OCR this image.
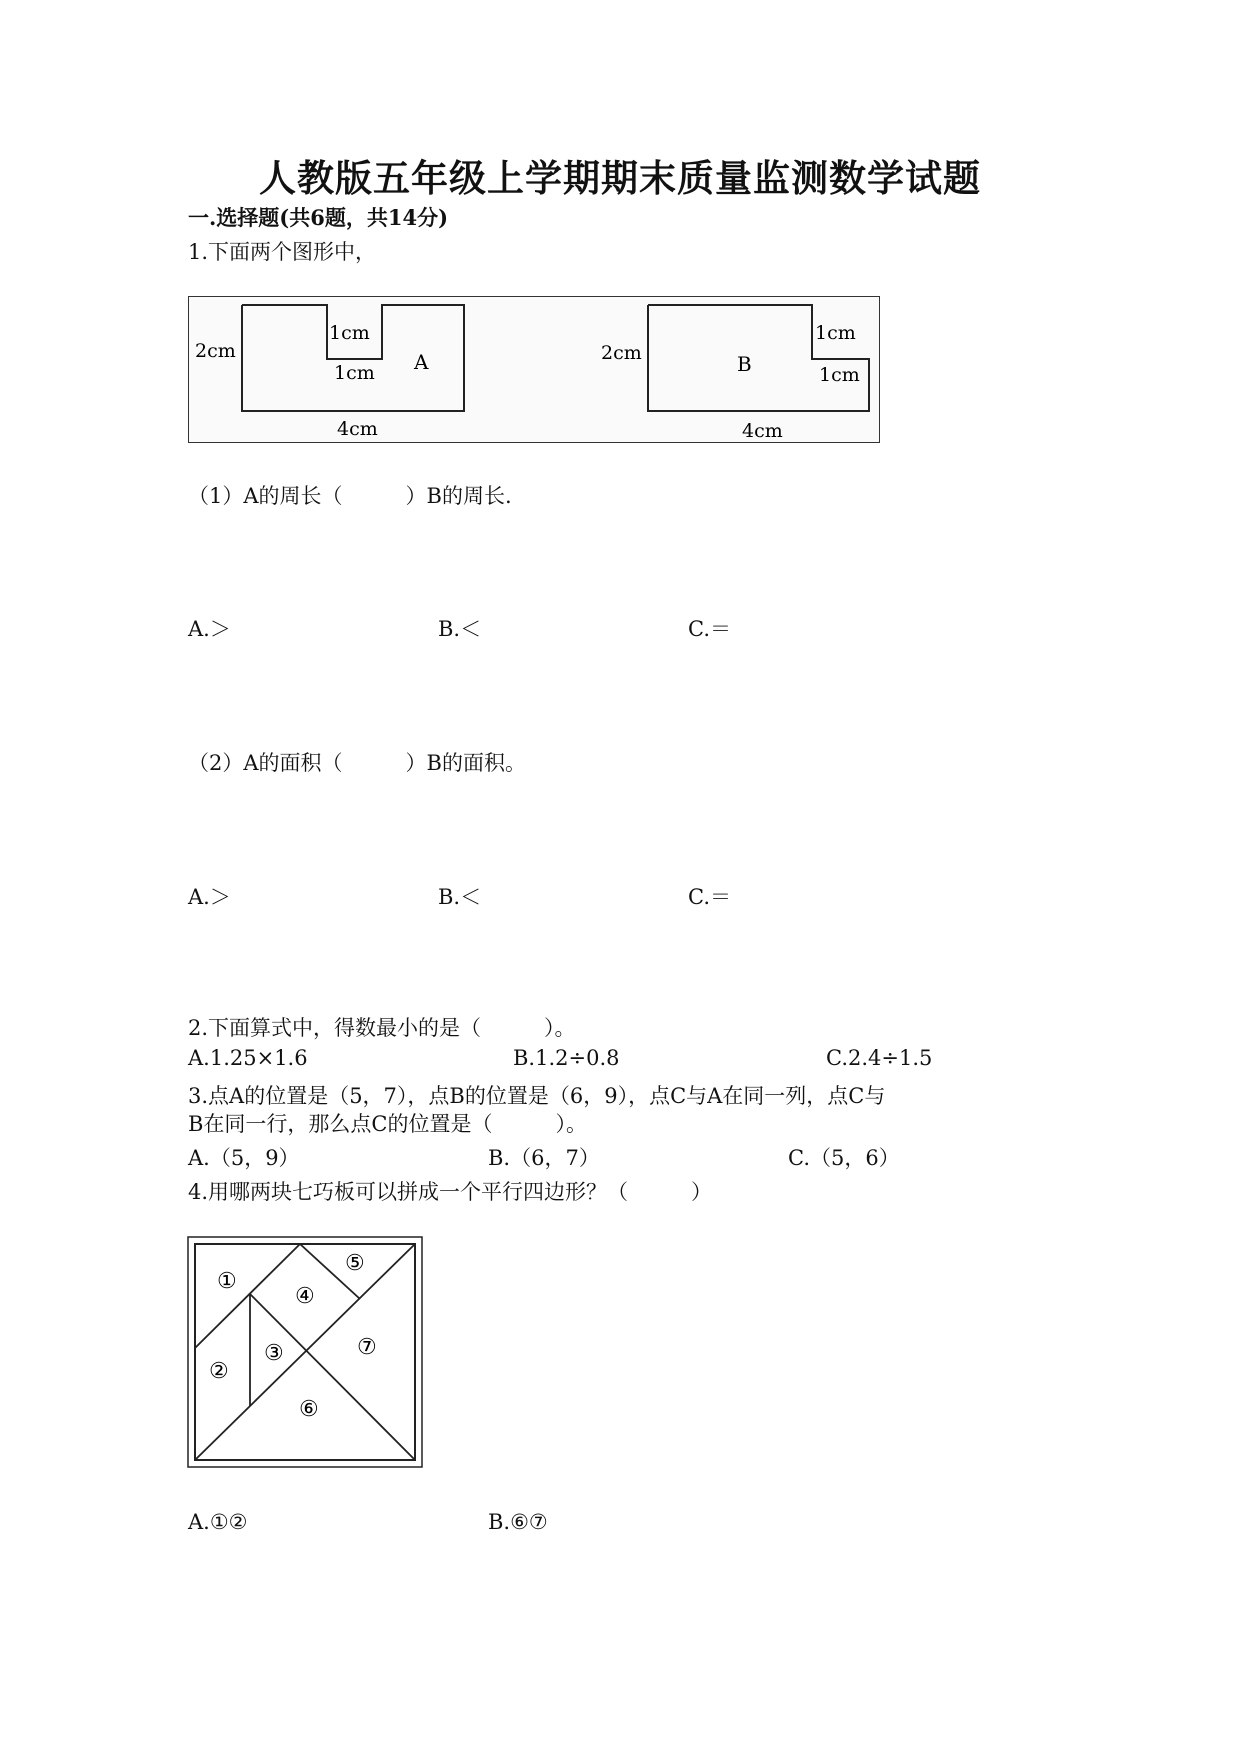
人教版五年级上学期期末质量监测数学试题
一.选择题(共6题，共14分)
1.下面两个图形中，
2cm
1cm
1cm A
4cm
2cm
1cm
1cm
B
4cm
（1）A的周长（　　　）B的周长.
A.＞	B.＜	C.＝
（2）A的面积（　　　）B的面积。
A.＞	B.＜	C.＝
2.下面算式中，得数最小的是（　　　）。
A.1.25×1.6	B.1.2÷0.8	C.2.4÷1.5
3.点A的位置是（5，7），点B的位置是（6，9），点C与A在同一列，点C与
B在同一行，那么点C的位置是（　　　）。
A.（5，9）	B.（6，7）	C.（5，6）
4.用哪两块七巧板可以拼成一个平行四边形？（　　　）
①
②
③
④
⑤
⑥
⑦
A.①②	B.⑥⑦
